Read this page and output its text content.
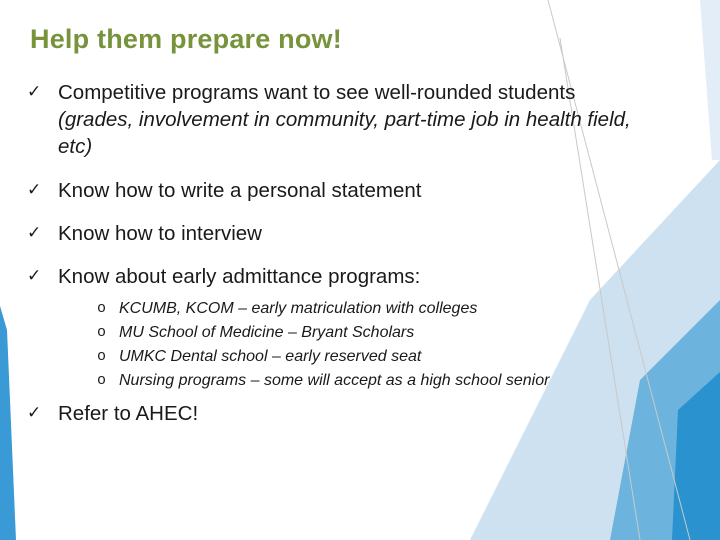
Help them prepare now!
✓ Competitive programs want to see well-rounded students (grades, involvement in community, part-time job in health field, etc)
✓ Know how to write a personal statement
✓ Know how to interview
✓ Know about early admittance programs:
o KCUMB, KCOM – early matriculation with colleges
o MU School of Medicine – Bryant Scholars
o UMKC Dental school – early reserved seat
o Nursing programs – some will accept as a high school senior
✓ Refer to AHEC!
